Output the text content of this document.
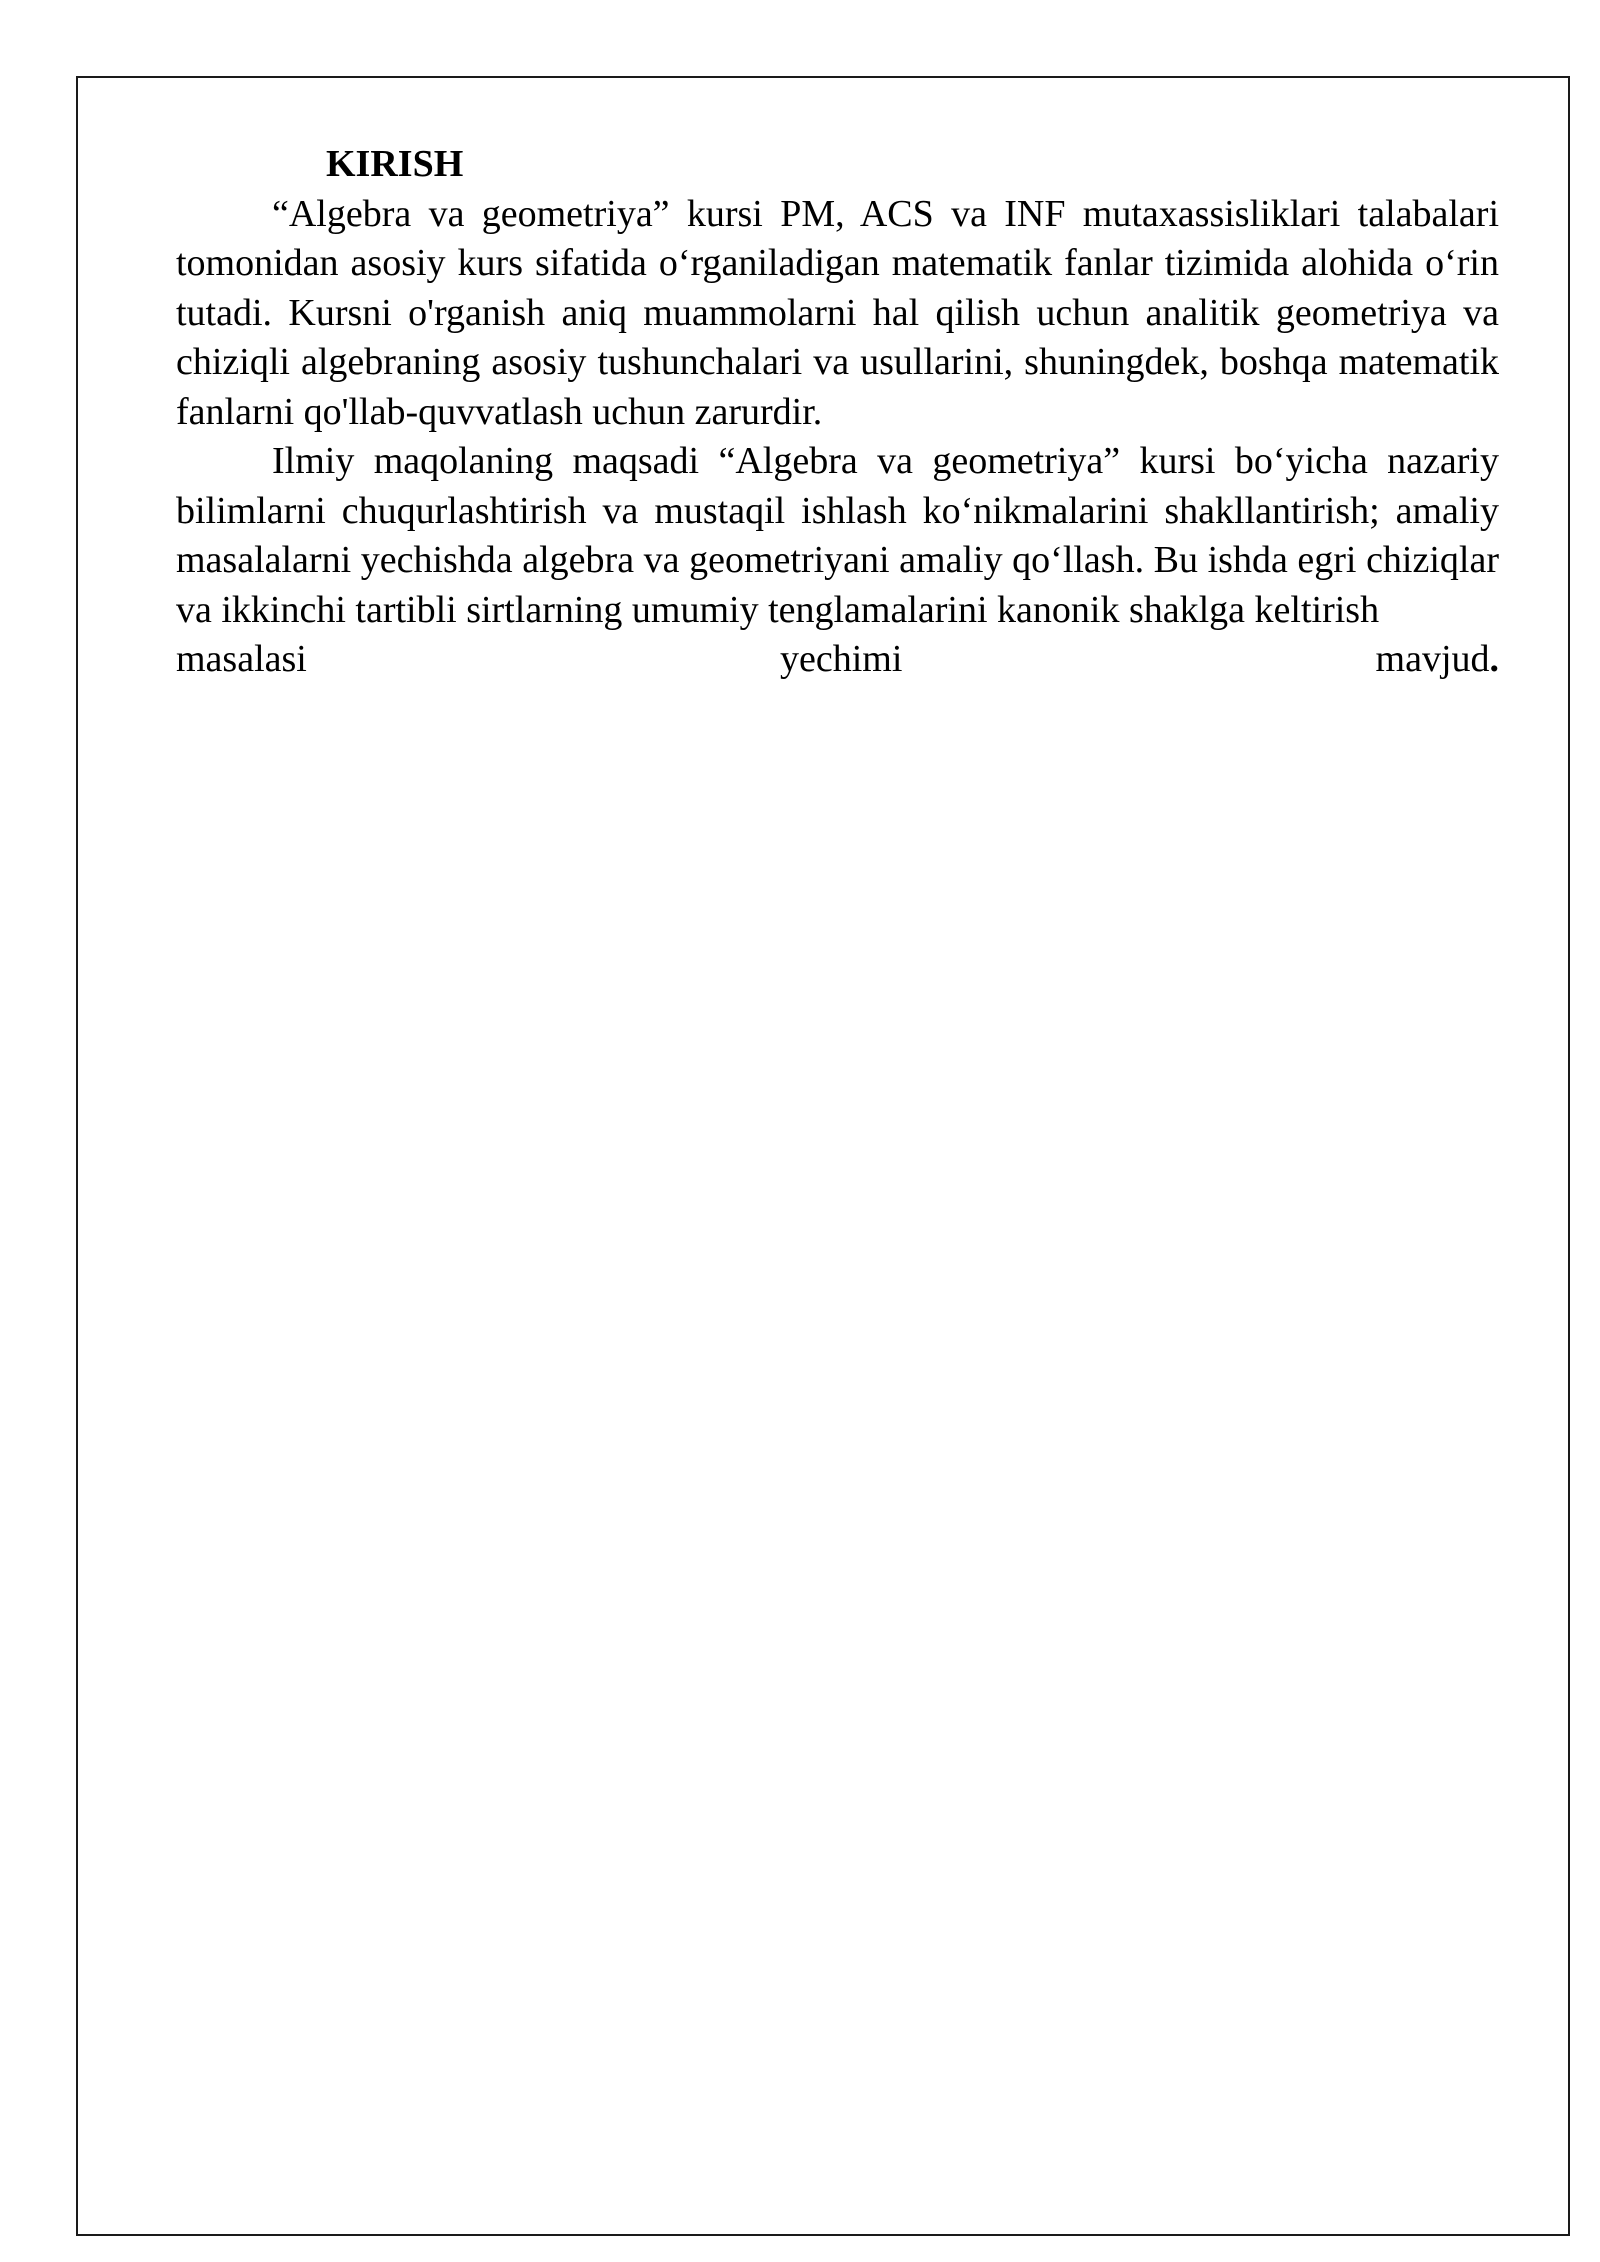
KIRISH

“Algebra va geometriya” kursi PM, ACS va INF mutaxassisliklari talabalari tomonidan asosiy kurs sifatida o‘rganiladigan matematik fanlar tizimida alohida o‘rin tutadi. Kursni o'rganish aniq muammolarni hal qilish uchun analitik geometriya va chiziqli algebraning asosiy tushunchalari va usullarini, shuningdek, boshqa matematik fanlarni qo'llab-quvvatlash uchun zarurdir.

Ilmiy maqolaning maqsadi “Algebra va geometriya” kursi bo‘yicha nazariy bilimlarni chuqurlashtirish va mustaqil ishlash ko‘nikmalarini shakllantirish; amaliy masalalarni yechishda algebra va geometriyani amaliy qo‘llash. Bu ishda egri chiziqlar va ikkinchi tartibli sirtlarning umumiy tenglamalarini kanonik shaklga keltirish

masalasi	yechimi	mavjud.
